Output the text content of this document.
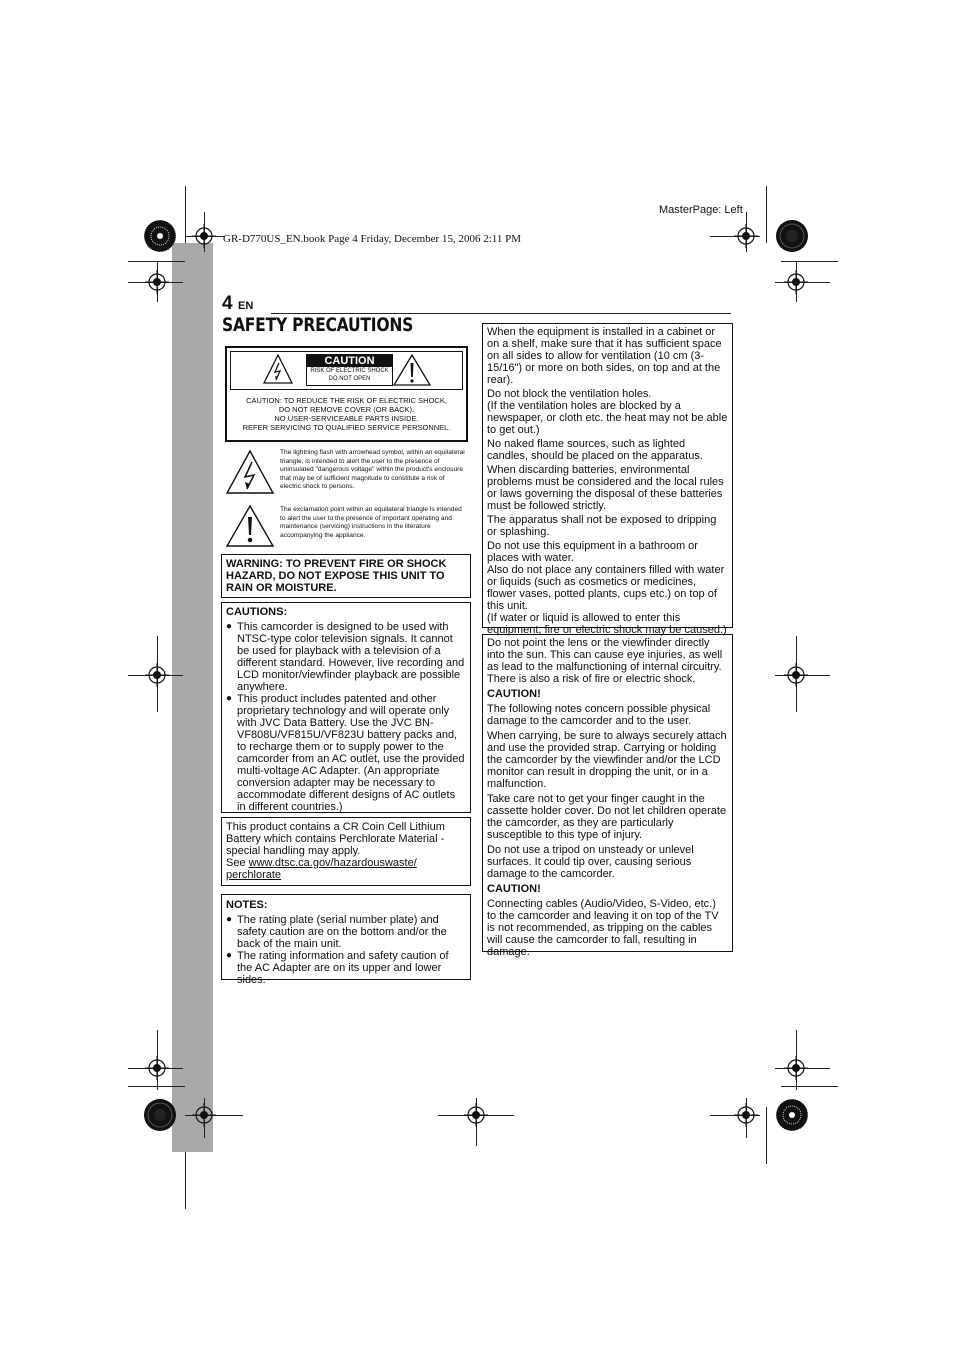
MasterPage: Left
GR-D770US_EN.book Page 4 Friday, December 15, 2006 2:11 PM
4 EN
SAFETY PRECAUTIONS
CAUTION
RISK OF ELECTRIC SHOCK
DO NOT OPEN
CAUTION: TO REDUCE THE RISK OF ELECTRIC SHOCK,
DO NOT REMOVE COVER (OR BACK).
NO USER-SERVICEABLE PARTS INSIDE.
REFER SERVICING TO QUALIFIED SERVICE PERSONNEL.
The lightning flash with arrowhead symbol, within an equilateral triangle, is intended to alert the user to the presence of uninsulated "dangerous voltage" within the product's enclosure that may be of sufficient magnitude to constitute a risk of electric shock to persons.
The exclamation point within an equilateral triangle is intended to alert the user to the presence of important operating and maintenance (servicing) instructions in the literature accompanying the appliance.
WARNING: TO PREVENT FIRE OR SHOCK HAZARD, DO NOT EXPOSE THIS UNIT TO RAIN OR MOISTURE.
CAUTIONS:
● This camcorder is designed to be used with NTSC-type color television signals. It cannot be used for playback with a television of a different standard. However, live recording and LCD monitor/viewfinder playback are possible anywhere.
● This product includes patented and other proprietary technology and will operate only with JVC Data Battery. Use the JVC BN-VF808U/VF815U/VF823U battery packs and, to recharge them or to supply power to the camcorder from an AC outlet, use the provided multi-voltage AC Adapter. (An appropriate conversion adapter may be necessary to accommodate different designs of AC outlets in different countries.)
This product contains a CR Coin Cell Lithium Battery which contains Perchlorate Material - special handling may apply.
See www.dtsc.ca.gov/hazardouswaste/
perchlorate
NOTES:
● The rating plate (serial number plate) and safety caution are on the bottom and/or the back of the main unit.
● The rating information and safety caution of the AC Adapter are on its upper and lower sides.
When the equipment is installed in a cabinet or on a shelf, make sure that it has sufficient space on all sides to allow for ventilation (10 cm (3-15/16") or more on both sides, on top and at the rear).
Do not block the ventilation holes.
(If the ventilation holes are blocked by a newspaper, or cloth etc. the heat may not be able to get out.)
No naked flame sources, such as lighted candles, should be placed on the apparatus.
When discarding batteries, environmental problems must be considered and the local rules or laws governing the disposal of these batteries must be followed strictly.
The apparatus shall not be exposed to dripping or splashing.
Do not use this equipment in a bathroom or places with water.
Also do not place any containers filled with water or liquids (such as cosmetics or medicines, flower vases, potted plants, cups etc.) on top of this unit.
(If water or liquid is allowed to enter this equipment, fire or electric shock may be caused.)
Do not point the lens or the viewfinder directly into the sun. This can cause eye injuries, as well as lead to the malfunctioning of internal circuitry. There is also a risk of fire or electric shock.
CAUTION!
The following notes concern possible physical damage to the camcorder and to the user.
When carrying, be sure to always securely attach and use the provided strap. Carrying or holding the camcorder by the viewfinder and/or the LCD monitor can result in dropping the unit, or in a malfunction.
Take care not to get your finger caught in the cassette holder cover. Do not let children operate the camcorder, as they are particularly susceptible to this type of injury.
Do not use a tripod on unsteady or unlevel surfaces. It could tip over, causing serious damage to the camcorder.
CAUTION!
Connecting cables (Audio/Video, S-Video, etc.) to the camcorder and leaving it on top of the TV is not recommended, as tripping on the cables will cause the camcorder to fall, resulting in damage.
